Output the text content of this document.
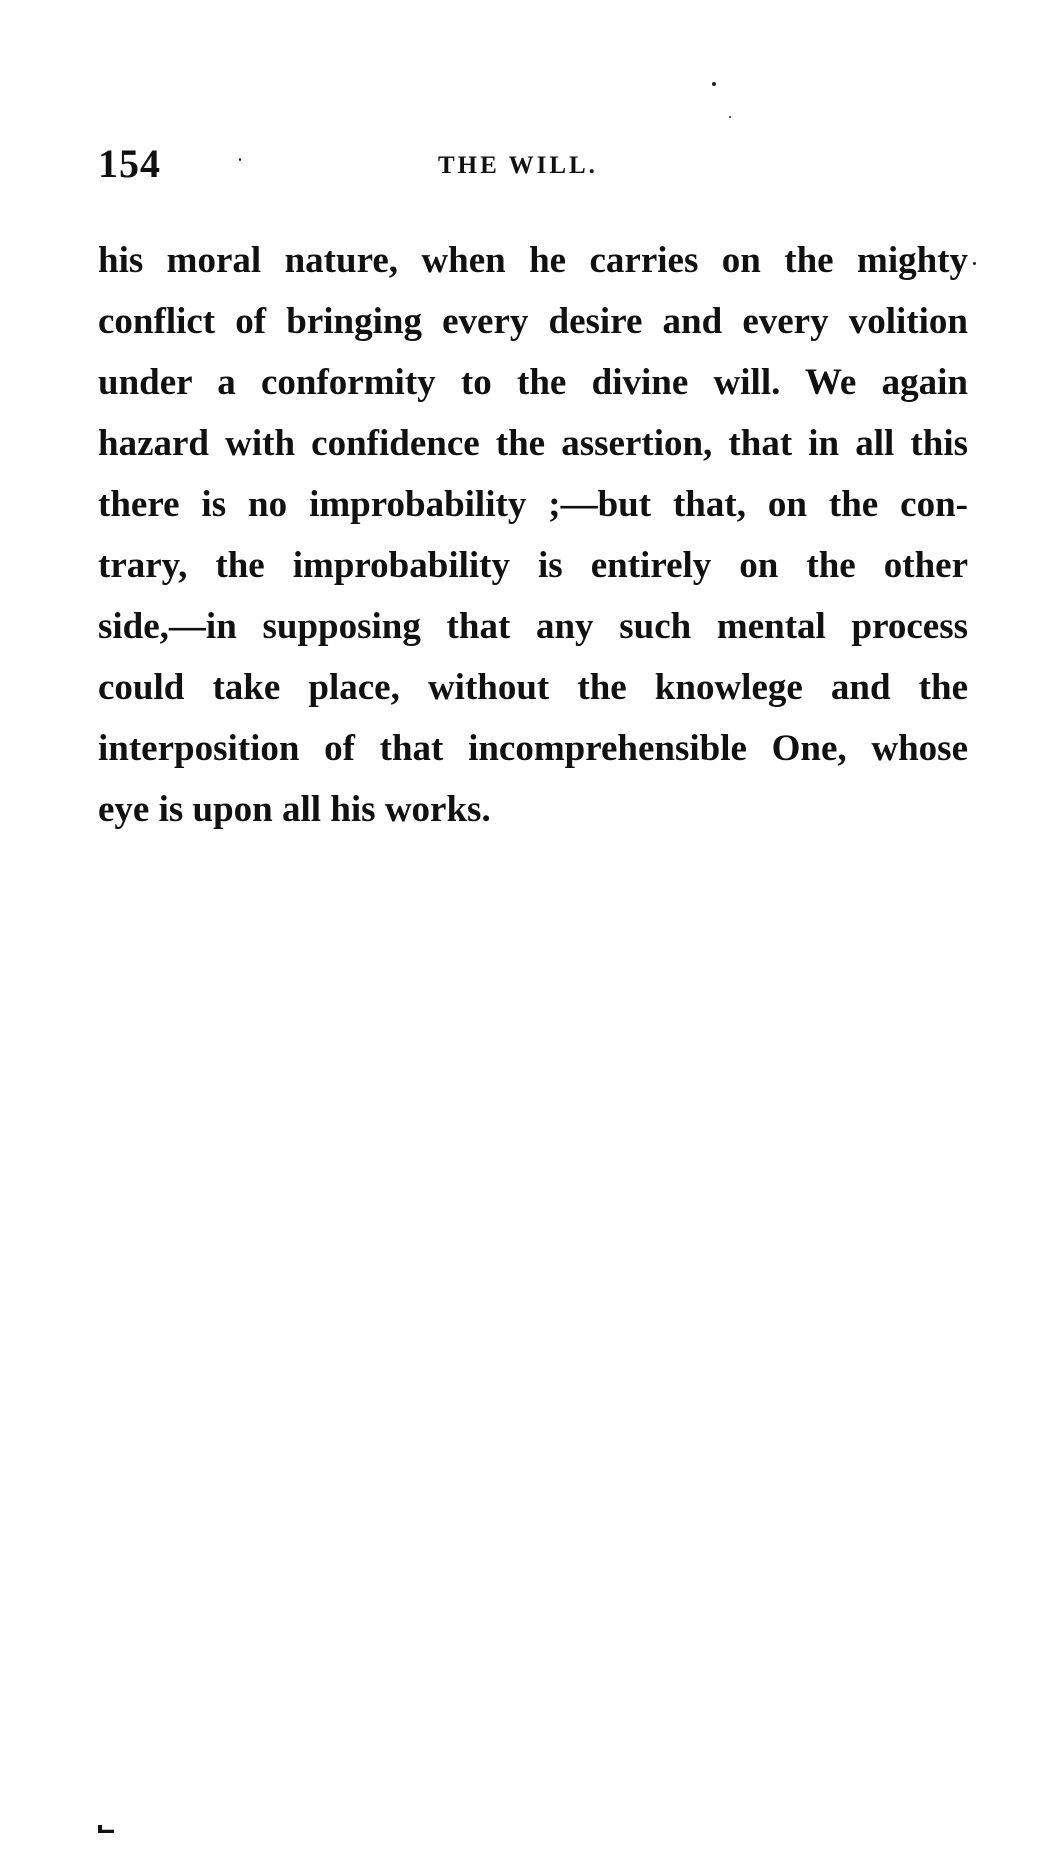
154	THE WILL.
his moral nature, when he carries on the mighty
conflict of bringing every desire and every volition
under a conformity to the divine will. We again
hazard with confidence the assertion, that in all this
there is no improbability ;—but that, on the con-
trary, the improbability is entirely on the other
side,—in supposing that any such mental process
could take place, without the knowlege and the
interposition of that incomprehensible One, whose
eye is upon all his works.
